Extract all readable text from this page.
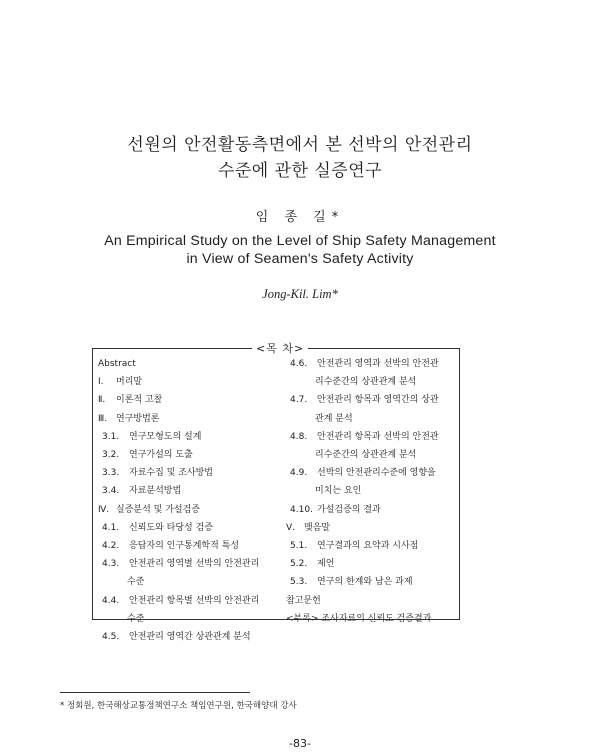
선원의 안전활동측면에서 본 선박의 안전관리
수준에 관한 실증연구
임 종 길*
An Empirical Study on the Level of Ship Safety Management
in View of Seamen's Safety Activity
Jong-Kil. Lim*
<목 차>
Abstract
Ⅰ.	머리말
Ⅱ.	이론적 고찰
Ⅲ. 연구방법론
3.1.	연구모형도의 설계
3.2.	연구가설의 도출
3.3.	자료수집 및 조사방법
3.4.	자료분석방법
Ⅳ. 실증분석 및 가설검증
4.1.	신뢰도와 타당성 검증
4.2.	응답자의 인구통계학적 특성
4.3.	안전관리 영역별 선박의 안전관리
수준
4.4.	안전관리 항목별 선박의 안전관리
수준
4.5.	안전관리 영역간 상관관계 분석
4.6.	안전관리 영역과 선박의 안전관
리수준간의 상관관계 분석
4.7.	안전관리 항목과 영역간의 상관
관계 분석
4.8.	안전관리 항목과 선박의 안전관
리수준간의 상관관계 분석
4.9.	선박의 안전관리수준에 영향을
미치는 요인
4.10. 가설검증의 결과
Ⅴ. 맺음말
5.1.	연구결과의 요약과 시사점
5.2.	제언
5.3.	연구의 한계와 남은 과제
참고문헌
<부록> 조사자료의 신뢰도 검증결과
* 정회원, 한국해상교통정책연구소 책임연구원, 한국해양대 강사
-83-
